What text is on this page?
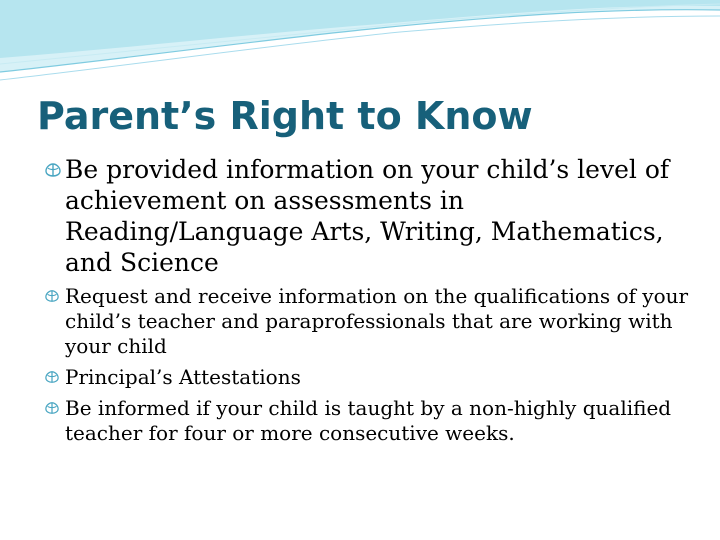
Parent’s Right to Know
Be provided information on your child’s level of achievement on assessments in Reading/Language Arts, Writing, Mathematics, and Science
Request and receive information on the qualifications of your child’s teacher and paraprofessionals that are working with your child
Principal’s Attestations
Be informed if your child is taught by a non-highly qualified teacher for four or more consecutive weeks.
